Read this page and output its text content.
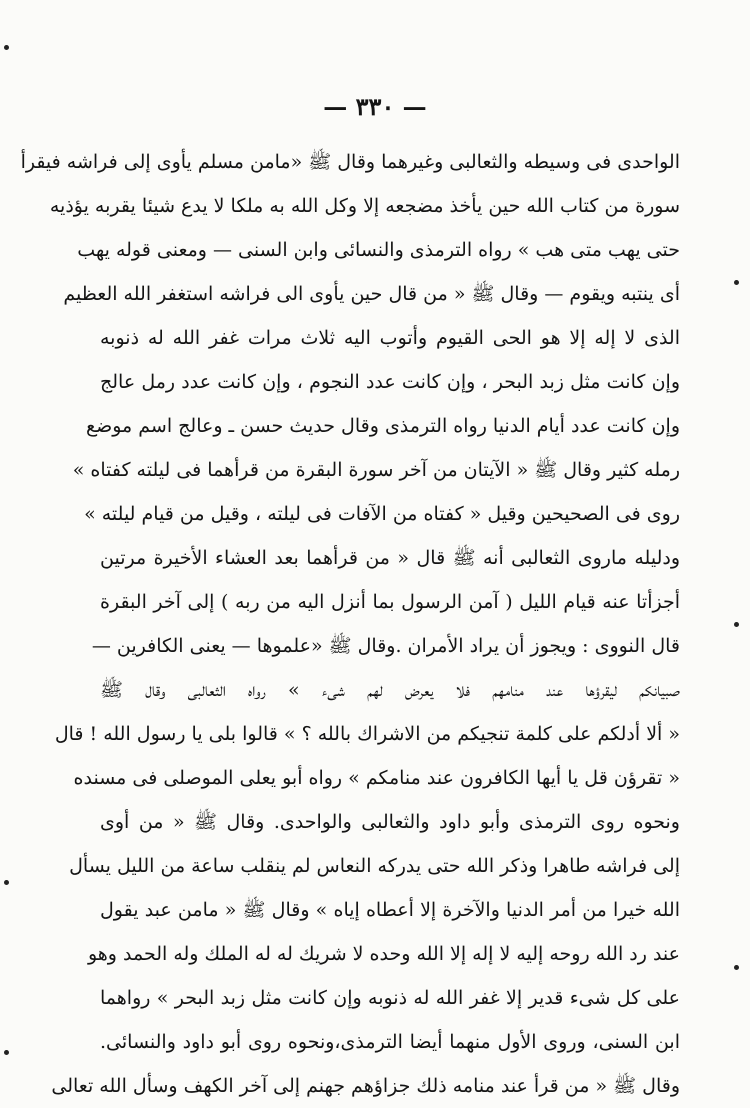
— ٣٣٠ —
الواحدى فى وسيطه والثعالبى وغيرهما وقال ﷺ «مامن مسلم يأوى إلى فراشه فيقرأ
سورة من كتاب الله حين يأخذ مضجعه إلا وكل الله به ملكا لا يدع شيئا يقربه يؤذيه
حتى يهب متى هب » رواه الترمذى والنسائى وابن السنى — ومعنى قوله يهب
أى ينتبه ويقوم — وقال ﷺ « من قال حين يأوى الى فراشه استغفر الله العظيم
الذى لا إله إلا هو الحى القيوم وأتوب اليه ثلاث مرات غفر الله له ذنوبه
وإن كانت مثل زبد البحر ، وإن كانت عدد النجوم ، وإن كانت عدد رمل عالج
وإن كانت عدد أيام الدنيا رواه الترمذى وقال حديث حسن ـ وعالج اسم موضع
رمله كثير وقال ﷺ « الآيتان من آخر سورة البقرة من قرأهما فى ليلته كفتاه »
روى فى الصحيحين وقيل « كفتاه من الآفات فى ليلته ، وقيل من قيام ليلته »
ودليله ماروى الثعالبى أنه ﷺ قال « من قرأهما بعد العشاء الأخيرة مرتين
أجزأتا عنه قيام الليل ( آمن الرسول بما أنزل اليه من ربه ) إلى آخر البقرة
قال النووى : ويجوز أن يراد الأمران .وقال ﷺ «علموها — يعنى الكافرين —
صبيانكم ليقرؤها عند منامهم فلا يعرض لهم شىء » رواه الثعالبى وقال ﷺ
« ألا أدلكم على كلمة تنجيكم من الاشراك بالله ؟ » قالوا بلى يا رسول الله ! قال
« تقرؤن قل يا أيها الكافرون عند منامكم » رواه أبو يعلى الموصلى فى مسنده
ونحوه روى الترمذى وأبو داود والثعالبى والواحدى. وقال ﷺ « من أوى
إلى فراشه طاهرا وذكر الله حتى يدركه النعاس لم ينقلب ساعة من الليل يسأل
الله خيرا من أمر الدنيا والآخرة إلا أعطاه إياه » وقال ﷺ « مامن عبد يقول
عند رد الله روحه إليه لا إله إلا الله وحده لا شريك له له الملك وله الحمد وهو
على كل شىء قدير إلا غفر الله له ذنوبه وإن كانت مثل زبد البحر » رواهما
ابن السنى، وروى الأول منهما أيضا الترمذى،ونحوه روى أبو داود والنسائى.
وقال ﷺ « من قرأ عند منامه ذلك جزاؤهم جهنم إلى آخر الكهف وسأل الله تعالى
